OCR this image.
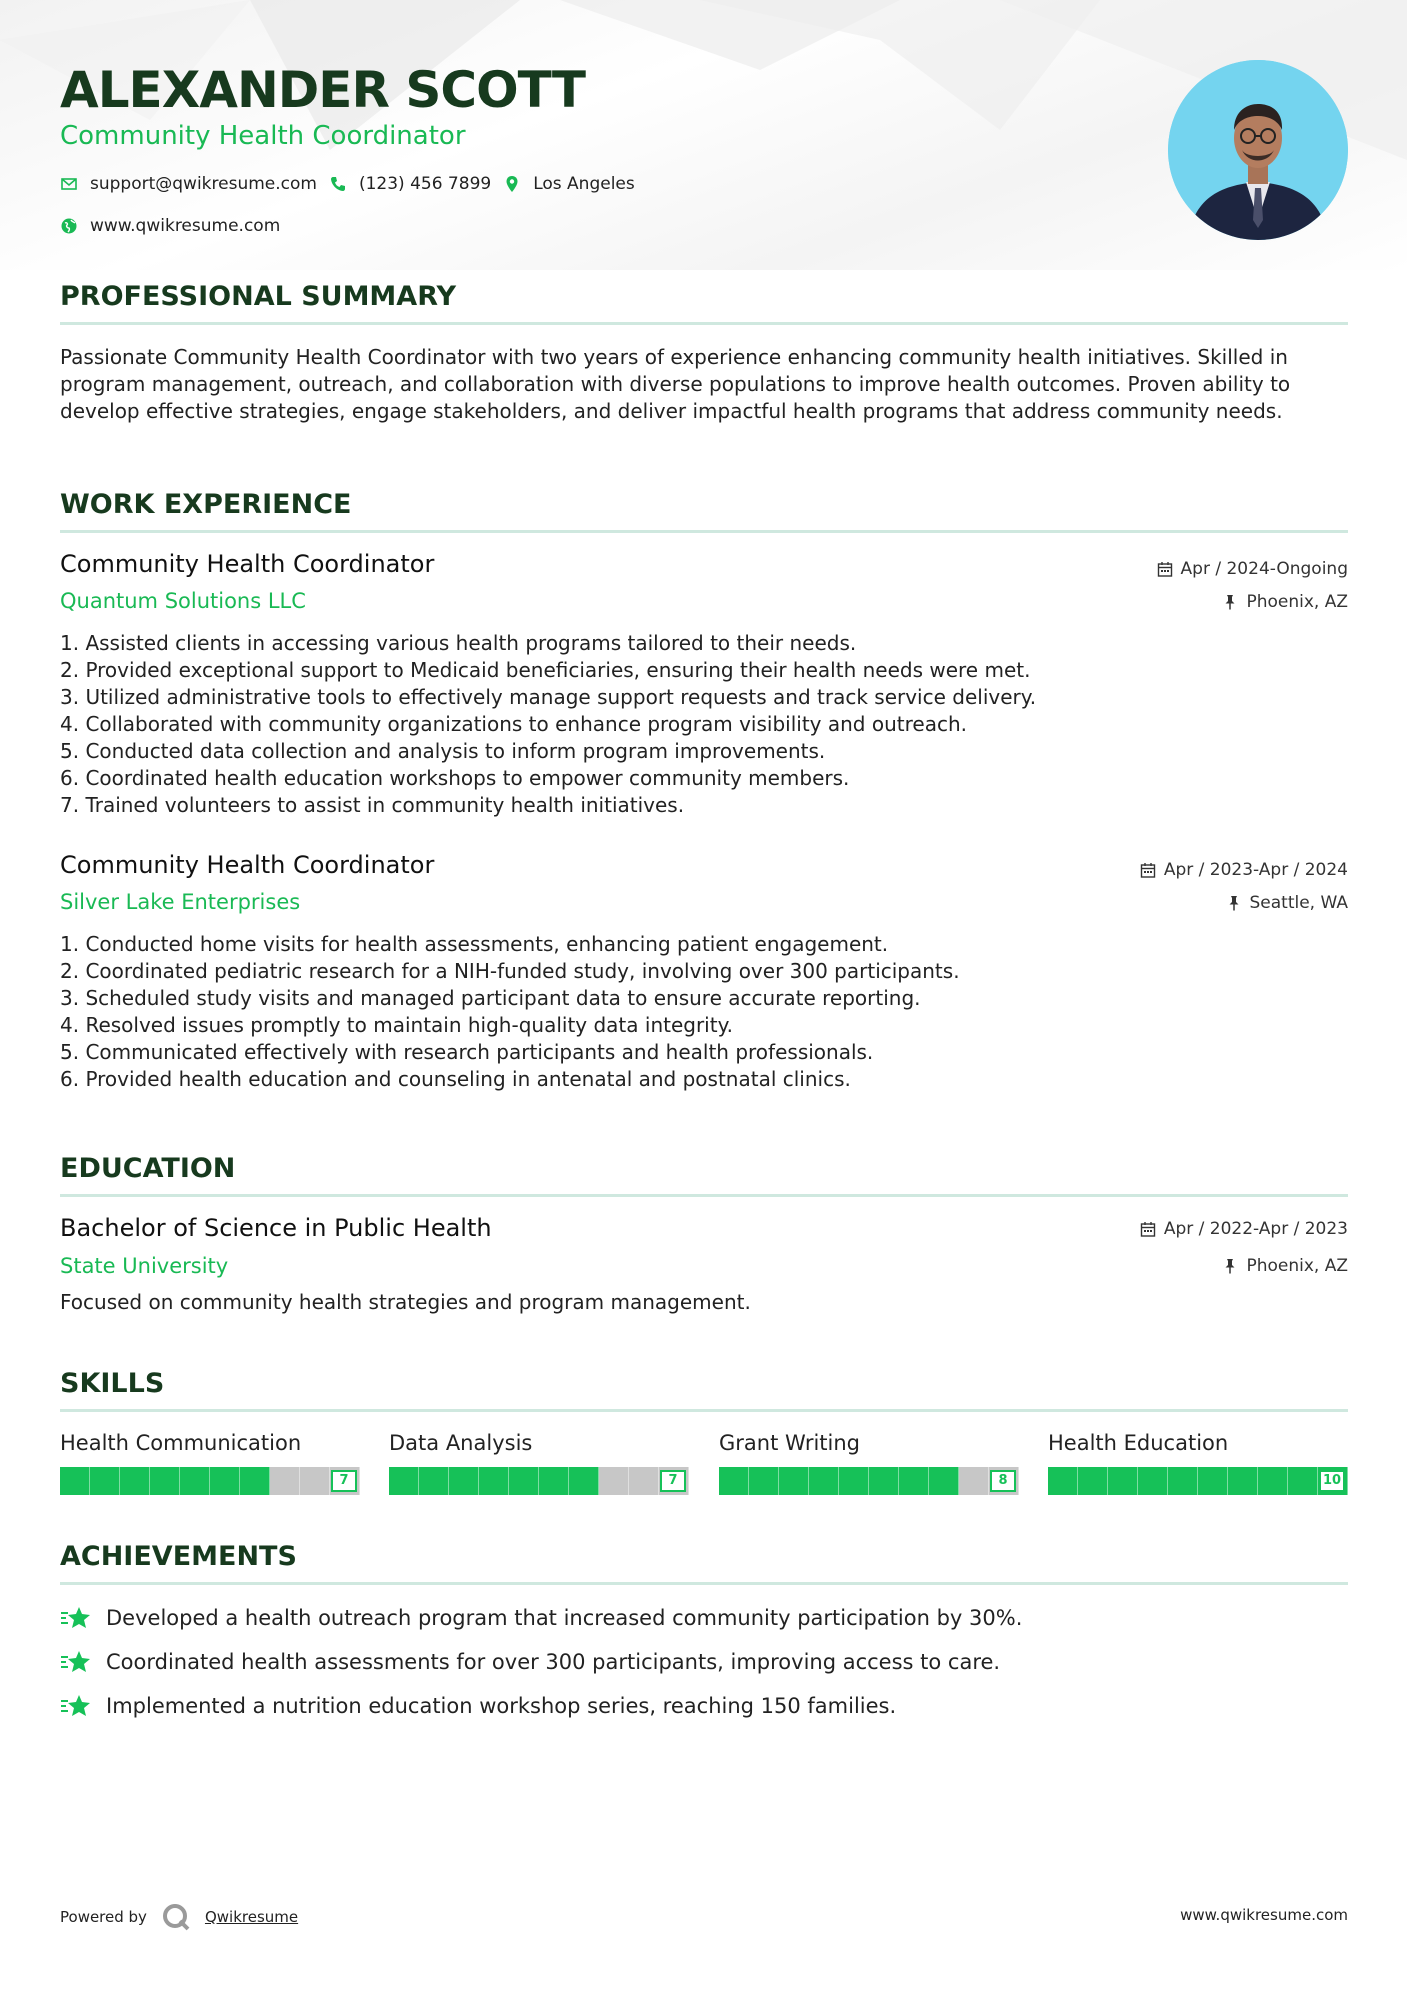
ALEXANDER SCOTT
Community Health Coordinator
support@qwikresume.com (123) 456 7899 Los Angeles
www.qwikresume.com
PROFESSIONAL SUMMARY
Passionate Community Health Coordinator with two years of experience enhancing community health initiatives. Skilled in program management, outreach, and collaboration with diverse populations to improve health outcomes. Proven ability to develop effective strategies, engage stakeholders, and deliver impactful health programs that address community needs.
WORK EXPERIENCE
Community Health Coordinator
Quantum Solutions LLC
Apr / 2024-Ongoing
Phoenix, AZ
1. Assisted clients in accessing various health programs tailored to their needs.
2. Provided exceptional support to Medicaid beneficiaries, ensuring their health needs were met.
3. Utilized administrative tools to effectively manage support requests and track service delivery.
4. Collaborated with community organizations to enhance program visibility and outreach.
5. Conducted data collection and analysis to inform program improvements.
6. Coordinated health education workshops to empower community members.
7. Trained volunteers to assist in community health initiatives.
Community Health Coordinator
Silver Lake Enterprises
Apr / 2023-Apr / 2024
Seattle, WA
1. Conducted home visits for health assessments, enhancing patient engagement.
2. Coordinated pediatric research for a NIH-funded study, involving over 300 participants.
3. Scheduled study visits and managed participant data to ensure accurate reporting.
4. Resolved issues promptly to maintain high-quality data integrity.
5. Communicated effectively with research participants and health professionals.
6. Provided health education and counseling in antenatal and postnatal clinics.
EDUCATION
Bachelor of Science in Public Health
State University
Apr / 2022-Apr / 2023
Phoenix, AZ
Focused on community health strategies and program management.
SKILLS
Health Communication
7
Data Analysis
7
Grant Writing
8
Health Education
10
ACHIEVEMENTS
Developed a health outreach program that increased community participation by 30%.
Coordinated health assessments for over 300 participants, improving access to care.
Implemented a nutrition education workshop series, reaching 150 families.
Powered by	Qwikresume	www.qwikresume.com
